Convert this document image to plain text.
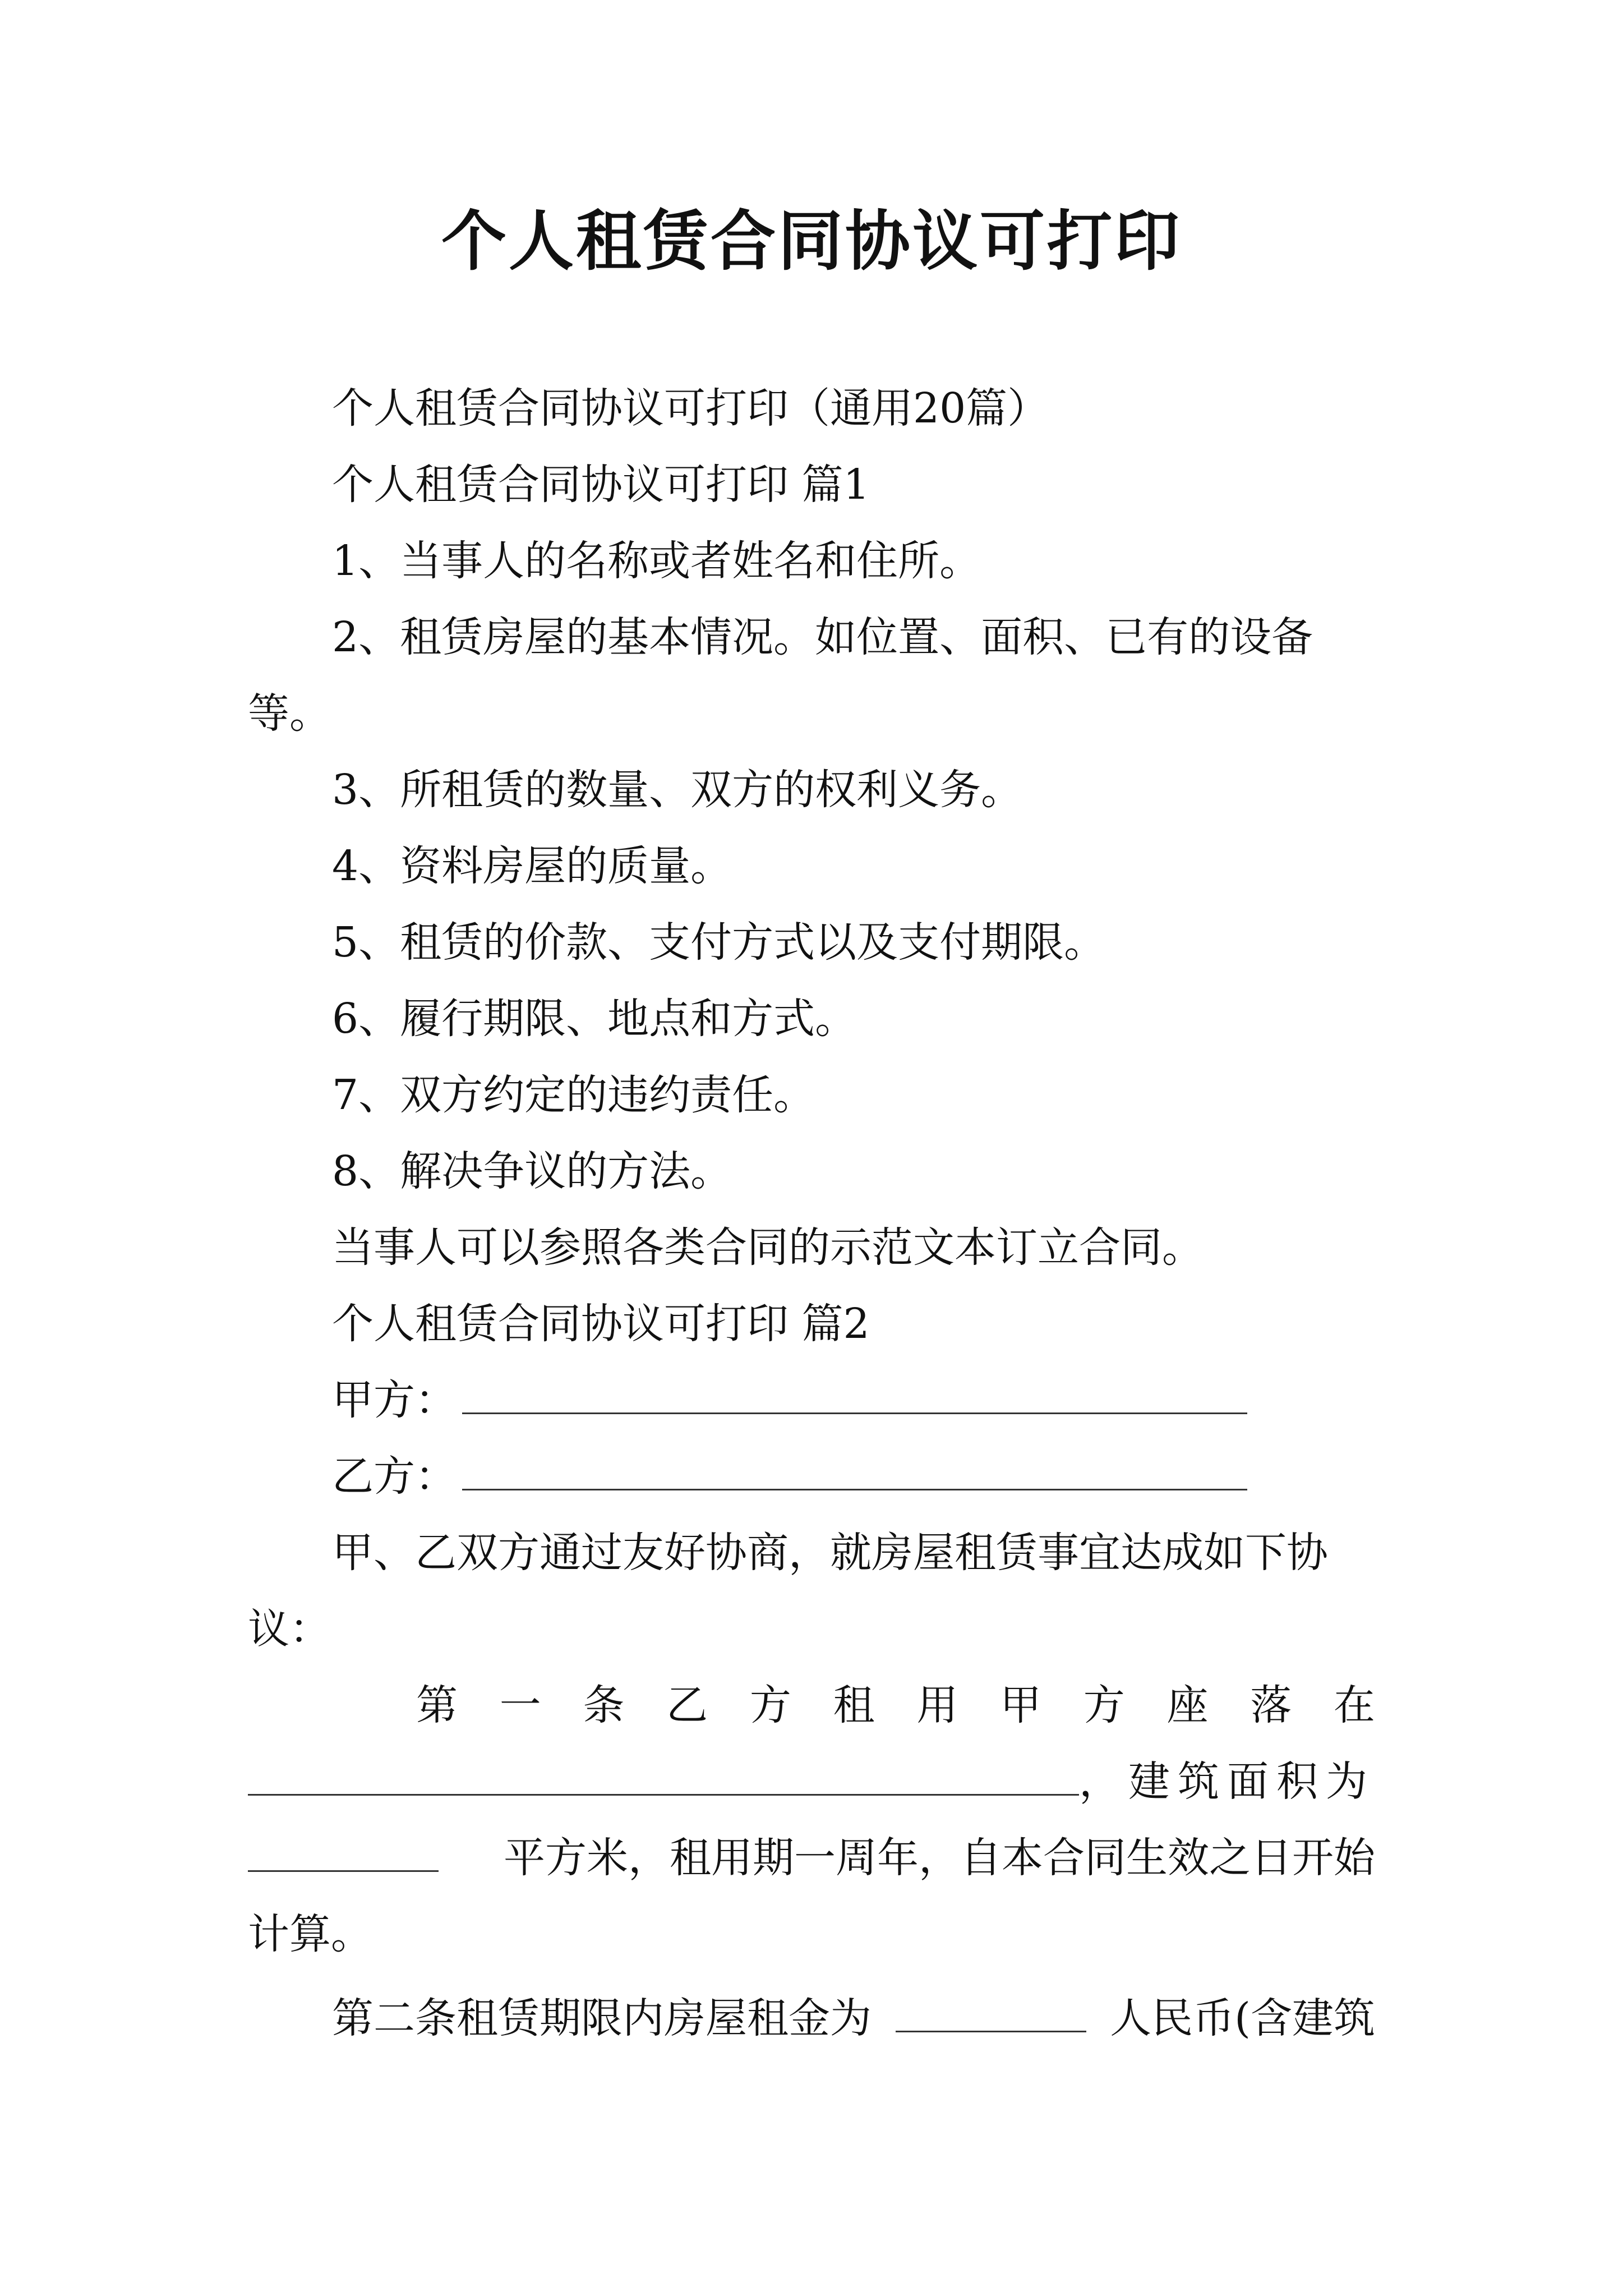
个人租赁合同协议可打印
个人租赁合同协议可打印（通用20篇）
个人租赁合同协议可打印 篇1
1、当事人的名称或者姓名和住所。
2、租赁房屋的基本情况。如位置、面积、已有的设备
等。
3、所租赁的数量、双方的权利义务。
4、资料房屋的质量。
5、租赁的价款、支付方式以及支付期限。
6、履行期限、地点和方式。
7、双方约定的违约责任。
8、解决争议的方法。
当事人可以参照各类合同的示范文本订立合同。
个人租赁合同协议可打印 篇2
甲方：
乙方：
甲、乙双方通过友好协商，就房屋租赁事宜达成如下协
议：
第 一 条 乙 方 租 用 甲 方 座 落 在
，建筑面积为
平方米，租用期一周年，自本合同生效之日开始
计算。
第二条租赁期限内房屋租金为	人民币(含建筑
